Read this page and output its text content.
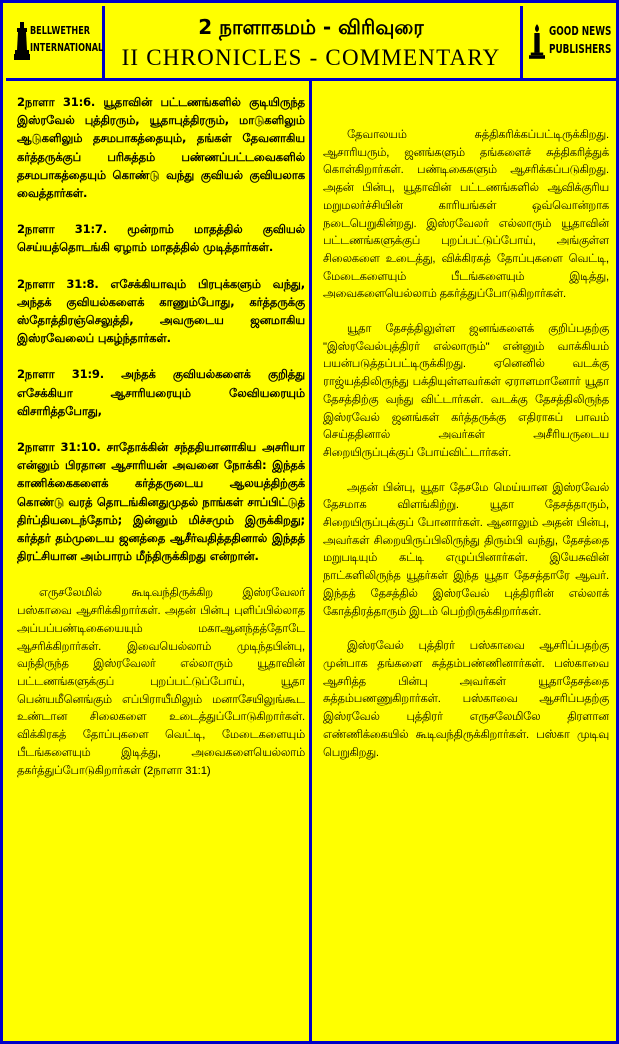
BELLWETHER
INTERNATIONAL
2 நாளாகமம் - விரிவுரை
II CHRONICLES - COMMENTARY
GOOD NEWS
PUBLISHERS

2நாளா 31:6. யூதாவின் பட்டணங்களில் குடியிருந்த இஸ்ரவேல் புத்திரரும், யூதாபுத்திரரும், மாடுகளிலும் ஆடுகளிலும் தசமபாகத்தையும், தங்கள் தேவனாகிய கர்த்தருக்குப் பரிசுத்தம் பண்ணப்பட்டவைகளில் தசமபாகத்தையும் கொண்டு வந்து குவியல் குவியலாக வைத்தார்கள்.

2நாளா 31:7. மூன்றாம் மாதத்தில் குவியல் செய்யத்தொடங்கி ஏழாம் மாதத்தில் முடித்தார்கள்.

2நாளா 31:8. எசேக்கியாவும் பிரபுக்களும் வந்து, அந்தக் குவியல்களைக் காணும்போது, கர்த்தருக்கு ஸ்தோத்திரஞ்செலுத்தி, அவருடைய ஜனமாகிய இஸ்ரவேலைப் புகழ்ந்தார்கள்.

2நாளா 31:9. அந்தக் குவியல்களைக் குறித்து எசேக்கியா ஆசாரியரையும் லேவியரையும் விசாரித்தபோது,

2நாளா 31:10. சாதோக்கின் சந்ததியானாகிய அசரியா என்னும் பிரதான ஆசாரியன் அவனை நோக்கி: இந்தக் காணிக்கைகளைக் கர்த்தருடைய ஆலயத்திற்குக் கொண்டு வரத் தொடங்கினதுமுதல் நாங்கள் சாப்பிட்டுத் திர்ப்தியடைந்தோம்; இன்னும் மிச்சமும் இருக்கிறது; கர்த்தர் தம்முடைய ஜனத்தை ஆசீர்வதித்ததினால் இந்தத் திரட்சியான அம்பாரம் மீந்திருக்கிறது என்றான்.

எருசலேமில் கூடிவந்திருக்கிற இஸ்ரவேலர் பஸ்காவை ஆசரிக்கிறார்கள். அதன் பின்பு புளிப்பில்லாத அப்பப்பண்டிகையையும் மகாஆனந்தத்தோடே ஆசரிக்கிறார்கள். இவையெல்லாம் முடிந்தபின்பு, வந்திருந்த இஸ்ரவேலர் எல்லாரும் யூதாவின் பட்டணங்களுக்குப் புறப்பட்டுப்போய், யூதா பென்யமீனெங்கும் எப்பிராயீமிலும் மனாசேயிலுங்கூட உண்டான சிலைகளை உடைத்துப்போடுகிறார்கள். விக்கிரகத் தோப்புகளை வெட்டி, மேடைகளையும் பீடங்களையும் இடித்து, அவைகளையெல்லாம் தகர்த்துப்போடுகிறார்கள் (2நாளா 31:1)

தேவாலயம் சுத்திகரிக்கப்பட்டிருக்கிறது. ஆசாரியரும், ஜனங்களும் தங்களைச் சுத்திகரித்துக் கொள்கிறார்கள். பண்டிகைகளும் ஆசரிக்கப்படுகிறது. அதன் பின்பு, யூதாவின் பட்டணங்களில் ஆவிக்குரிய மறுமலர்ச்சியின் காரியங்கள் ஒவ்வொன்றாக நடைபெறுகின்றது. இஸ்ரவேலர் எல்லாரும் யூதாவின் பட்டணங்களுக்குப் புறப்பட்டுப்போய், அங்குள்ள சிலைகளை உடைத்து, விக்கிரகத் தோப்புகளை வெட்டி, மேடைகளையும் பீடங்களையும் இடித்து, அவைகளையெல்லாம் தகர்த்துப்போடுகிறார்கள்.

யூதா தேசத்திலுள்ள ஜனங்களைக் குறிப்பதற்கு "இஸ்ரவேல்புத்திரர் எல்லாரும்" என்னும் வாக்கியம் பயன்படுத்தப்பட்டிருக்கிறது. ஏனெனில் வடக்கு ராஜ்யத்திலிருந்து பக்தியுள்ளவர்கள் ஏராளமானோர் யூதா தேசத்திற்கு வந்து விட்டார்கள். வடக்கு தேசத்திலிருந்த இஸ்ரவேல் ஜனங்கள் கர்த்தருக்கு எதிராகப் பாவம் செய்ததினால் அவர்கள் அசீரியருடைய சிறையிருப்புக்குப் போய்விட்டார்கள்.

அதன் பின்பு, யூதா தேசமே மெய்யான இஸ்ரவேல் தேசமாக விளங்கிற்று. யூதா தேசத்தாரும், சிறையிருப்புக்குப் போனார்கள். ஆனாலும் அதன் பின்பு, அவர்கள் சிறையிருப்பிலிருந்து திரும்பி வந்து, தேசத்தை மறுபடியும் கட்டி எழுப்பினார்கள். இயேசுவின் நாட்களிலிருந்த யூதர்கள் இந்த யூதா தேசத்தாரே ஆவர். இந்தத் தேசத்தில் இஸ்ரவேல் புத்திரரின் எல்லாக் கோத்திரத்தாரும் இடம் பெற்றிருக்கிறார்கள்.

இஸ்ரவேல் புத்திரர் பஸ்காவை ஆசரிப்பதற்கு முன்பாக தங்களை சுத்தம்பண்ணினார்கள். பஸ்காவை ஆசரித்த பின்பு அவர்கள் யூதாதேசத்தை சுத்தம்பணணுகிறார்கள். பஸ்காவை ஆசரிப்பதற்கு இஸ்ரவேல் புத்திரர் எருசலேமிலே திரளான எண்ணிக்கையில் கூடிவந்திருக்கிறார்கள். பஸ்கா முடிவு பெறுகிறது.
